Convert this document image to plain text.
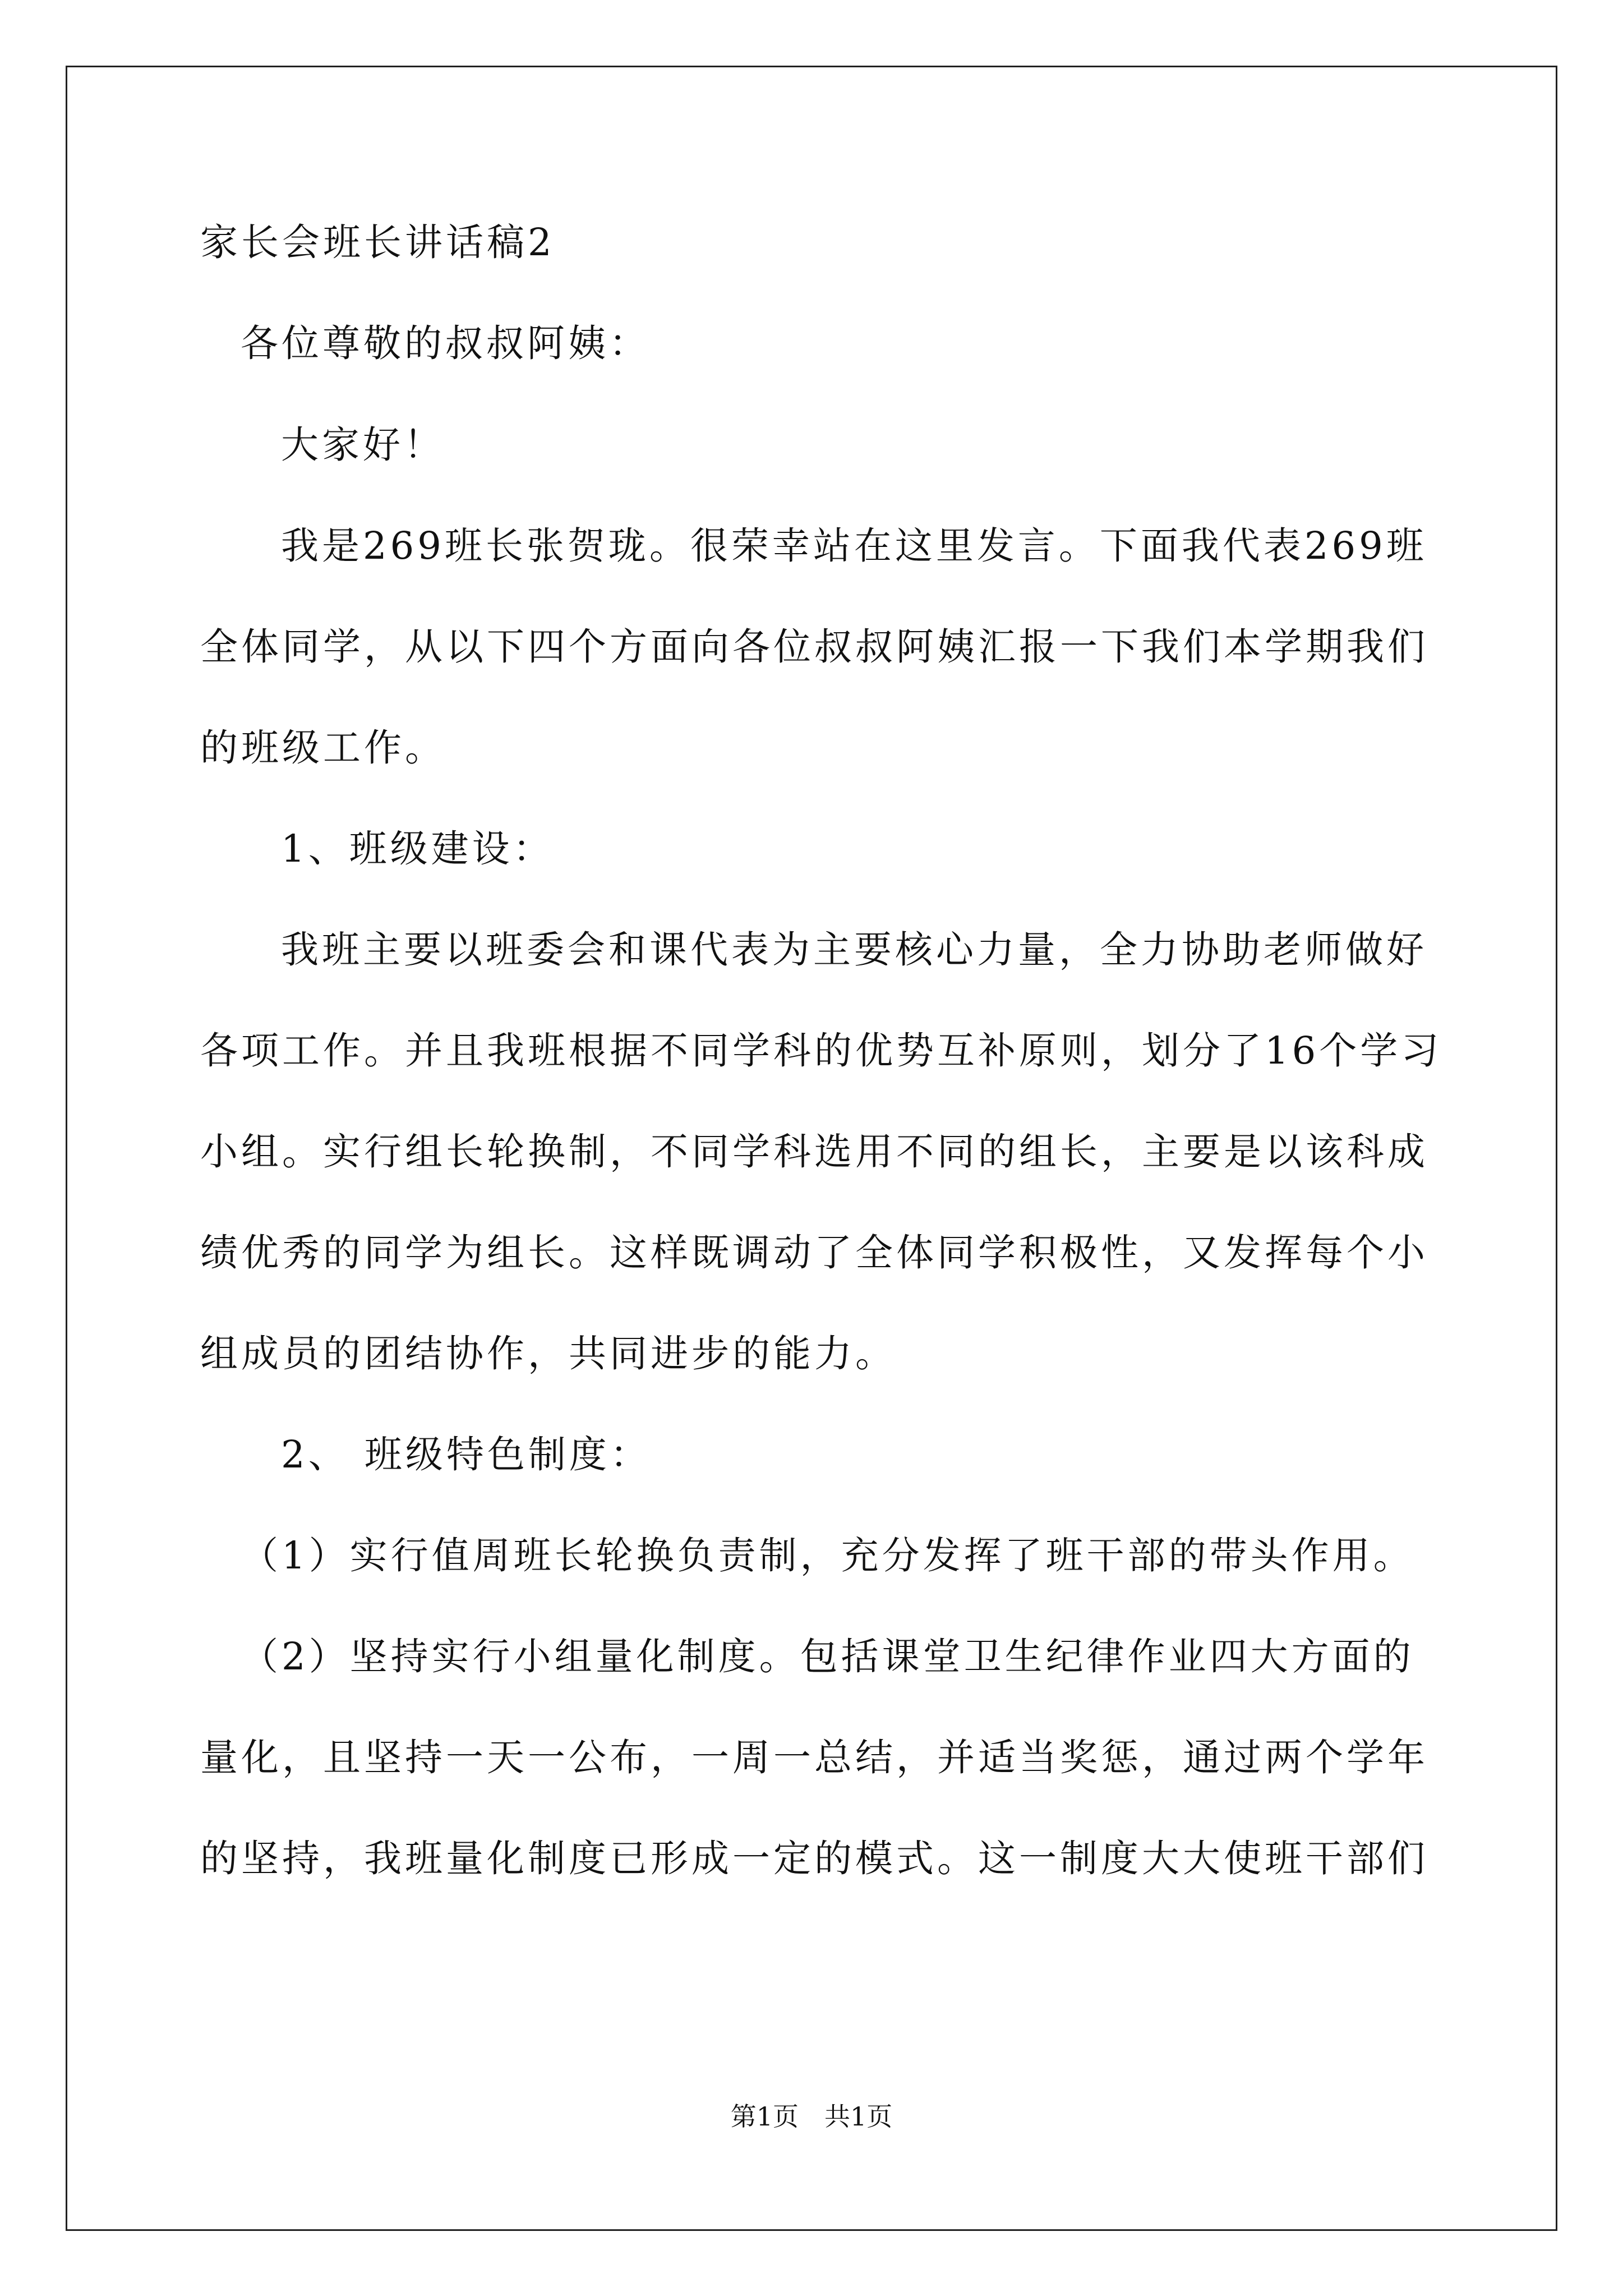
家长会班长讲话稿2
各位尊敬的叔叔阿姨：
大家好！
我是269班长张贺珑。很荣幸站在这里发言。下面我代表269班
全体同学，从以下四个方面向各位叔叔阿姨汇报一下我们本学期我们
的班级工作。
1、班级建设：
我班主要以班委会和课代表为主要核心力量，全力协助老师做好
各项工作。并且我班根据不同学科的优势互补原则，划分了16个学习
小组。实行组长轮换制，不同学科选用不同的组长，主要是以该科成
绩优秀的同学为组长。这样既调动了全体同学积极性，又发挥每个小
组成员的团结协作，共同进步的能力。
2、 班级特色制度：
（1）实行值周班长轮换负责制，充分发挥了班干部的带头作用。
（2）坚持实行小组量化制度。包括课堂卫生纪律作业四大方面的
量化，且坚持一天一公布，一周一总结，并适当奖惩，通过两个学年
的坚持，我班量化制度已形成一定的模式。这一制度大大使班干部们
第1页　共1页
